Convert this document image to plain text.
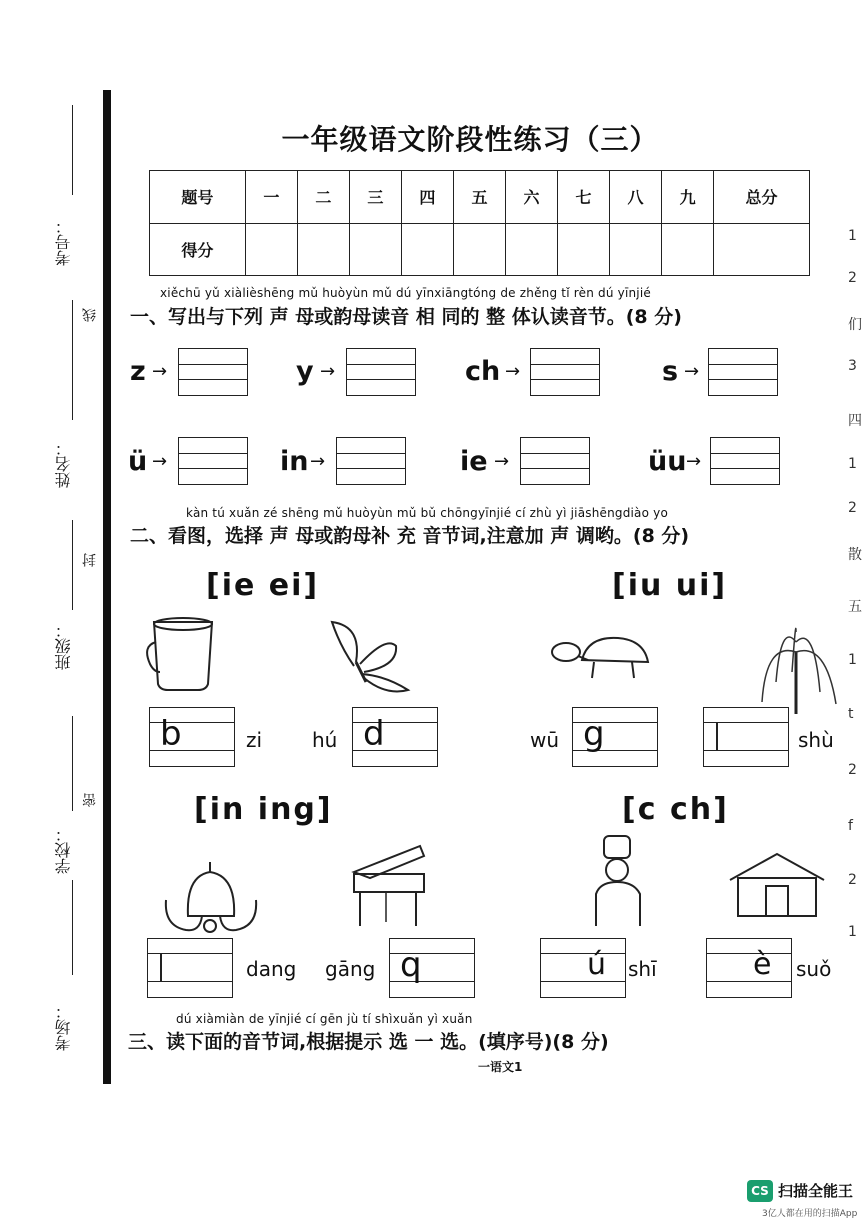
考号：
线
姓名：
封
班级：
密
学校：
考场：
1
2
们
3
四
1
2
散
五
1
t
2
f
2
1
一年级语文阶段性练习（三）
题号	一	二	三	四	五	六	七	八	九	总分
得分										
xiěchū yǔ xiàlièshēng mǔ huòyùn mǔ dú yīnxiāngtóng de zhěng tǐ rèn dú yīnjié
一、写出与下列 声 母或韵母读音 相 同的 整 体认读音节。(8 分)
z →	y →	ch →	s →
ü →	in →	ie →	üu →
kàn tú xuǎn zé shēng mǔ huòyùn mǔ bǔ chōngyīnjié cí zhù yì jiāshēngdiào yo
二、看图，选择 声 母或韵母补 充 音节词,注意加 声 调哟。(8 分)
[ie ei]	[iu ui]
b	zi hú d	wū g	shù
[in ing]	[c ch]
dang gāng q	ú shī	è suǒ
dú xiàmiàn de yīnjié cí gēn jù tí shìxuǎn yì xuǎn
三、读下面的音节词,根据提示 选 一 选。(填序号)(8 分)
一语文1
CS 扫描全能王
3亿人都在用的扫描App
